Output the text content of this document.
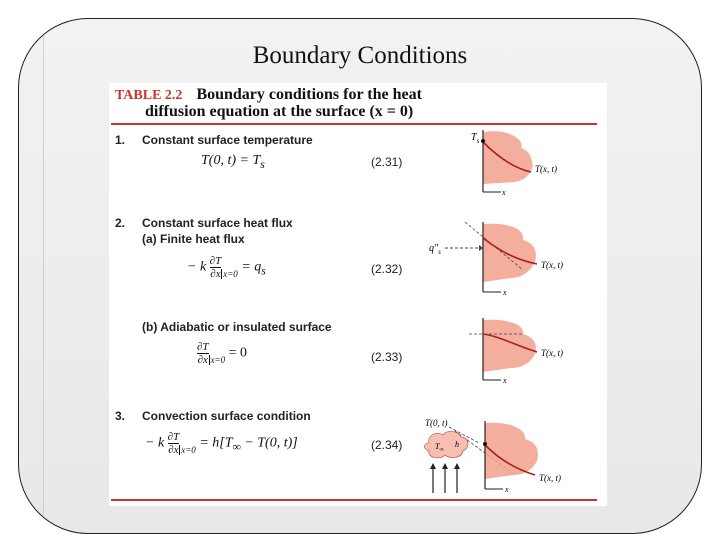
Boundary Conditions
TABLE 2.2 Boundary conditions for the heat
diffusion equation at the surface (x = 0)
1. Constant surface temperature
T(0, $t) = T_s$	(2.31)
$T_s$
T(x, t)
x
2. Constant surface heat flux
(a) Finite heat flux
− k $\frac{\partial T}{\partial x} _{x=0} = q_s$	(2.32)
$q''_s$
T(x, t)
x
(b) Adiabatic or insulated surface
$\frac{\partial T}{\partial x} _{x=0} = 0$	(2.33)	T(x, t)
x
3. Convection surface condition
− k $\frac{\partial T}{\partial x} _{x=0} = h[T_\infty - T(0$, t)]	(2.34)
T(0, t)
$T_\infty$
h
T(x, t)
x
